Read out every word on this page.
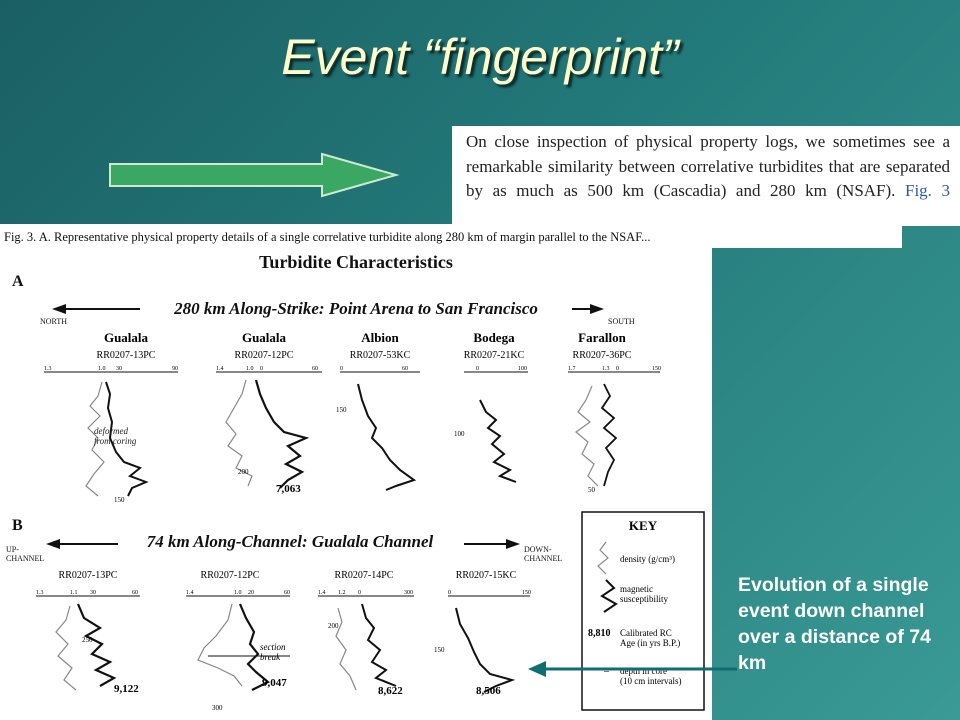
Event “fingerprint”

On close inspection of physical property logs, we sometimes see a remarkable similarity between correlative turbidites that are separated by as much as 500 km (Cascadia) and 280 km (NSAF). Fig. 3

Turbidite Characteristics
A
280 km Along-Strike: Point Arena to San Francisco
NORTH	SOUTH
Gualala
RR0207-13PC
1.3	1.0 30	90
deformed from coring
150
Gualala
RR0207-12PC
1.4	1.0 0	60
200
7,063
Albion
RR0207-53KC
0	60
150
Bodega
RR0207-21KC
0	100
100
Farallon
RR0207-36PC
1.7	1.3 0	150
50
B
74 km Along-Channel: Gualala Channel
UP-CHANNEL
DOWN-CHANNEL
RR0207-13PC
1.3	1.1 30	60
250
9,122
RR0207-12PC
1.4	1.0 20	60
section break
300
9,047
RR0207-14PC
1.4 1.2 0	300
200
8,622
RR0207-15KC
0	150
150
8,506
KEY
density (g/cm³)
magnetic susceptibility
8,810 Calibrated RC Age (in yrs B.P.)
– depth in core (10 cm intervals)
Fig. 3. A. Representative physical property details of a single correlative turbidite along 280 km of margin parallel to the NSAF...
Evolution of a single event down channel over a distance of 74 km
